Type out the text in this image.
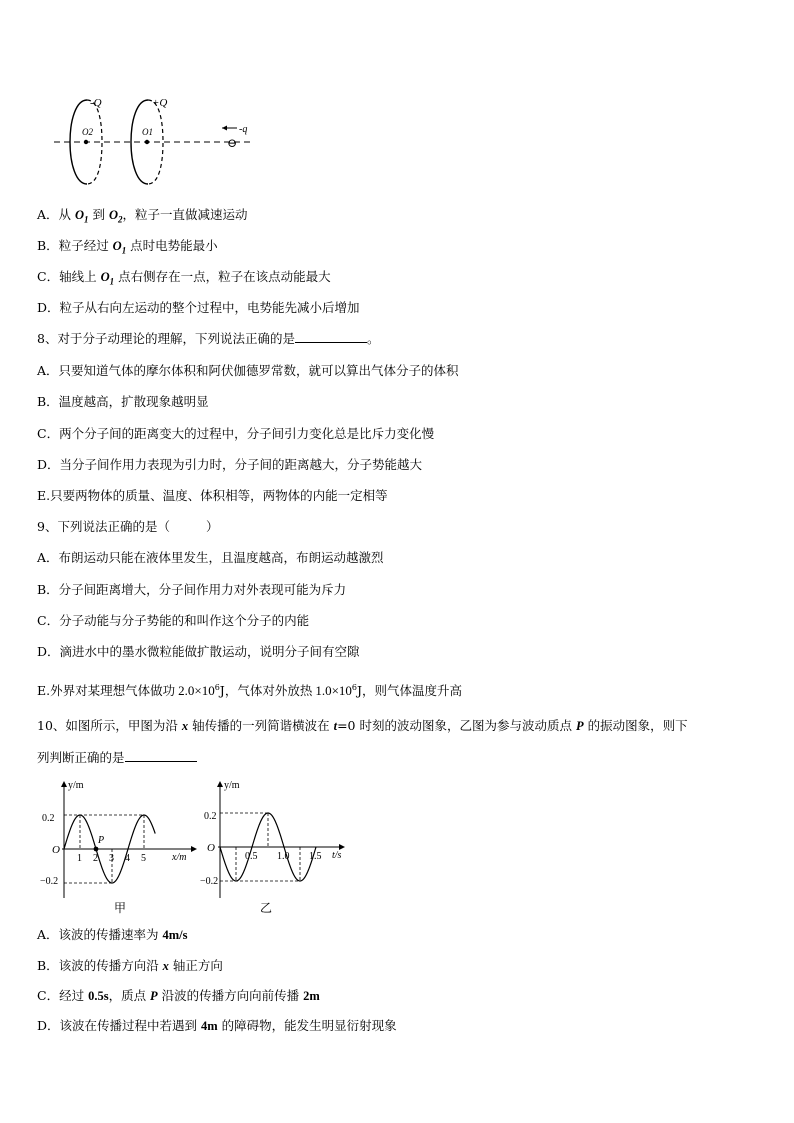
-Q	+Q
O2	O1	-q
⊖
A．从 $O_1$ 到 $O_2$，粒子一直做减速运动
B．粒子经过 $O_1$ 点时电势能最小
C．轴线上 $O_1$ 点右侧存在一点，粒子在该点动能最大
D．粒子从右向左运动的整个过程中，电势能先减小后增加
8、对于分子动理论的理解，下列说法正确的是	。
A．只要知道气体的摩尔体积和阿伏伽德罗常数，就可以算出气体分子的体积
B．温度越高，扩散现象越明显
C．两个分子间的距离变大的过程中，分子间引力变化总是比斥力变化慢
D．当分子间作用力表现为引力时，分子间的距离越大，分子势能越大
E.只要两物体的质量、温度、体积相等，两物体的内能一定相等
9、下列说法正确的是（	）
A．布朗运动只能在液体里发生，且温度越高，布朗运动越激烈
B．分子间距离增大，分子间作用力对外表现可能为斥力
C．分子动能与分子势能的和叫作这个分子的内能
D．滴进水中的墨水微粒能做扩散运动，说明分子间有空隙
E.外界对某理想气体做功 $2.0\times 10^6J$，气体对外放热 $1.0\times 10^6J$，则气体温度升高
10、如图所示，甲图为沿 x 轴传播的一列简谐横波在 t=0 时刻的波动图象，乙图为参与波动质点 P 的振动图象，则下
列判断正确的是
y/m
x/m
O
0.2
−0.2
1 2 3 4 5
P
甲
y/m
t/s
O
0.2
−0.2
0.5 1.0 1.5
乙
A．该波的传播速率为 4m/s
B．该波的传播方向沿 x 轴正方向
C．经过 0.5s，质点 P 沿波的传播方向向前传播 2m
D．该波在传播过程中若遇到 4m 的障碍物，能发生明显衍射现象
